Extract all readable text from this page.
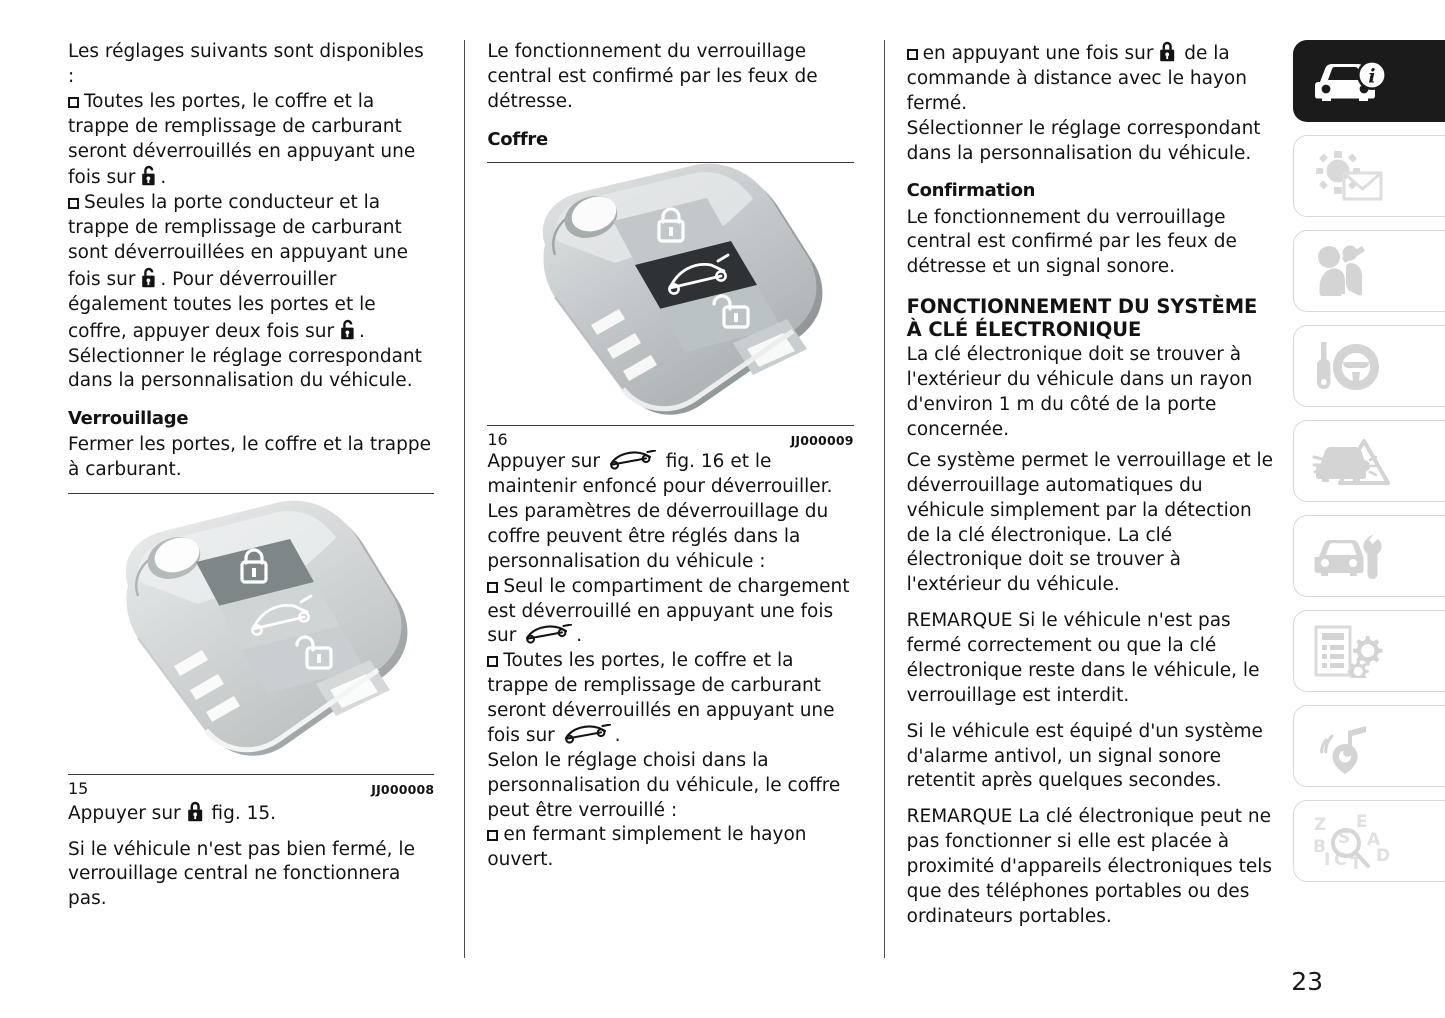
Les réglages suivants sont disponibles :

Toutes les portes, le coffre et la trappe de remplissage de carburant seront déverrouillés en appuyant une fois sur
.

Seules la porte conducteur et la trappe de remplissage de carburant sont déverrouillées en appuyant une fois sur
. Pour déverrouiller également toutes les portes et le coffre, appuyer deux fois sur
.

Sélectionner le réglage correspondant dans la personnalisation du véhicule.

Verrouillage

Fermer les portes, le coffre et la trappe à carburant.

15	JJ000008

Appuyer sur
fig. 15.

Si le véhicule n'est pas bien fermé, le verrouillage central ne fonctionnera pas.

Le fonctionnement du verrouillage central est confirmé par les feux de détresse.

Coffre
16	JJ000009

Appuyer sur	fig. 16 et le maintenir enfoncé pour déverrouiller.

Les paramètres de déverrouillage du coffre peuvent être réglés dans la personnalisation du véhicule :

Seul le compartiment de chargement est déverrouillé en appuyant une fois sur	.

Toutes les portes, le coffre et la trappe de remplissage de carburant seront déverrouillés en appuyant une fois sur	.

Selon le réglage choisi dans la personnalisation du véhicule, le coffre peut être verrouillé :

en fermant simplement le hayon ouvert.

en appuyant une fois sur
de la commande à distance avec le hayon fermé.

Sélectionner le réglage correspondant dans la personnalisation du véhicule.

Confirmation

Le fonctionnement du verrouillage central est confirmé par les feux de détresse et un signal sonore.

FONCTIONNEMENT DU SYSTÈME À CLÉ ÉLECTRONIQUE

La clé électronique doit se trouver à l'extérieur du véhicule dans un rayon d'environ 1 m du côté de la porte concernée.

Ce système permet le verrouillage et le déverrouillage automatiques du véhicule simplement par la détection de la clé électronique. La clé électronique doit se trouver à l'extérieur du véhicule.

REMARQUE Si le véhicule n'est pas fermé correctement ou que la clé électronique reste dans le véhicule, le verrouillage est interdit.

Si le véhicule est équipé d'un système d'alarme antivol, un signal sonore retentit après quelques secondes.

REMARQUE La clé électronique peut ne pas fonctionner si elle est placée à proximité d'appareils électroniques tels que des téléphones portables ou des ordinateurs portables.

i
Z
B
I C T
E
A
D
S
23
